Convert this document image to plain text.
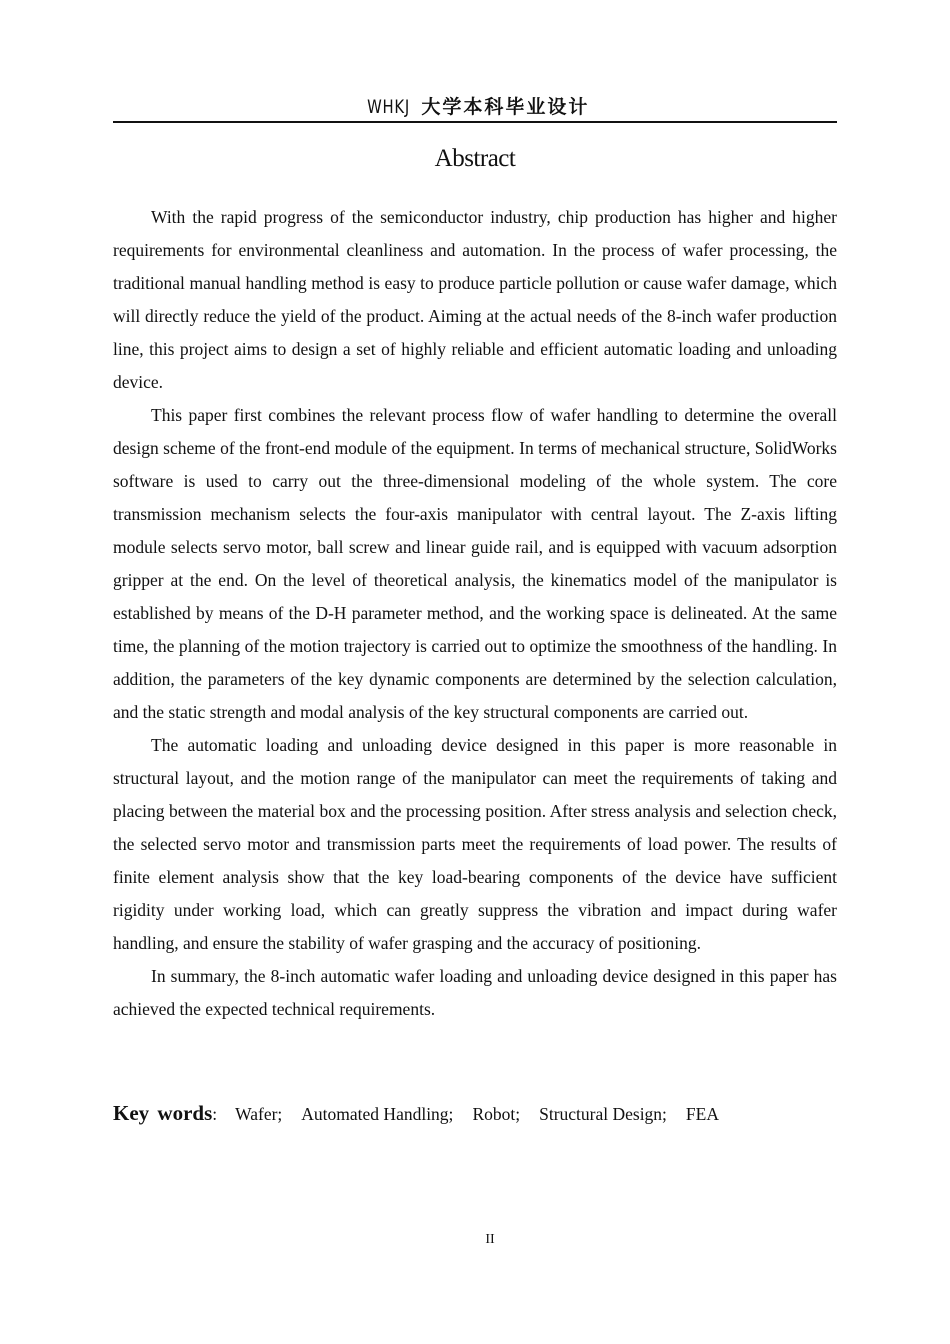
WHKJ 大学本科毕业设计
Abstract

With the rapid progress of the semiconductor industry, chip production has higher and higher requirements for environmental cleanliness and automation. In the process of wafer processing, the traditional manual handling method is easy to produce particle pollution or cause wafer damage, which will directly reduce the yield of the product. Aiming at the actual needs of the 8-inch wafer production line, this project aims to design a set of highly reliable and efficient automatic loading and unloading device.

This paper first combines the relevant process flow of wafer handling to determine the overall design scheme of the front-end module of the equipment. In terms of mechanical structure, SolidWorks software is used to carry out the three-dimensional modeling of the whole system. The core transmission mechanism selects the four-axis manipulator with central layout. The Z-axis lifting module selects servo motor, ball screw and linear guide rail, and is equipped with vacuum adsorption gripper at the end. On the level of theoretical analysis, the kinematics model of the manipulator is established by means of the D-H parameter method, and the working space is delineated. At the same time, the planning of the motion trajectory is carried out to optimize the smoothness of the handling. In addition, the parameters of the key dynamic components are determined by the selection calculation, and the static strength and modal analysis of the key structural components are carried out.

The automatic loading and unloading device designed in this paper is more reasonable in structural layout, and the motion range of the manipulator can meet the requirements of taking and placing between the material box and the processing position. After stress analysis and selection check, the selected servo motor and transmission parts meet the requirements of load power. The results of finite element analysis show that the key load-bearing components of the device have sufficient rigidity under working load, which can greatly suppress the vibration and impact during wafer handling, and ensure the stability of wafer grasping and the accuracy of positioning.

In summary, the 8-inch automatic wafer loading and unloading device designed in this paper has achieved the expected technical requirements.

Key words: Wafer; Automated Handling; Robot; Structural Design; FEA
II
